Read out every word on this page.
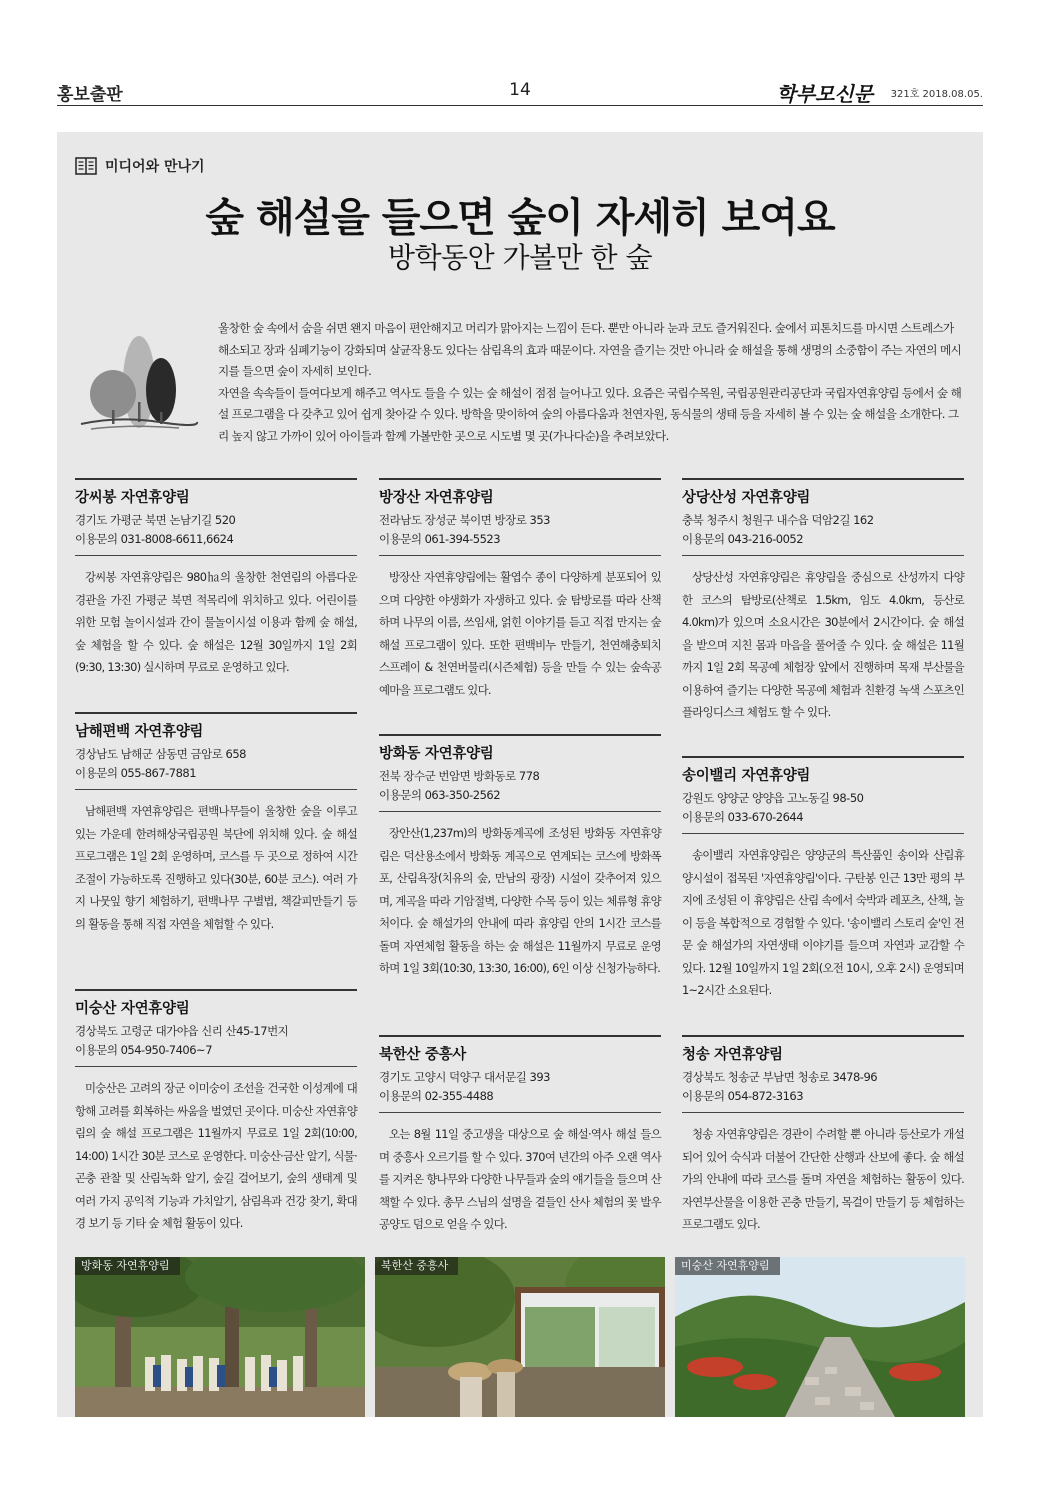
홍보출판	14	학부모신문 321호 2018.08.05.
미디어와 만나기
숲 해설을 들으면 숲이 자세히 보여요
방학동안 가볼만 한 숲

울창한 숲 속에서 숨을 쉬면 왠지 마음이 편안해지고 머리가 맑아지는 느낌이 든다. 뿐만 아니라 눈과 코도 즐거워진다. 숲에서 피톤치드를 마시면 스트레스가 해소되고 장과 심폐기능이 강화되며 살균작용도 있다는 삼림욕의 효과 때문이다. 자연을 즐기는 것만 아니라 숲 해설을 통해 생명의 소중함이 주는 자연의 메시지를 들으면 숲이 자세히 보인다.

자연을 속속들이 들여다보게 해주고 역사도 들을 수 있는 숲 해설이 점점 늘어나고 있다. 요즘은 국립수목원, 국립공원관리공단과 국립자연휴양림 등에서 숲 해설 프로그램을 다 갖추고 있어 쉽게 찾아갈 수 있다. 방학을 맞이하여 숲의 아름다움과 천연자원, 동식물의 생태 등을 자세히 볼 수 있는 숲 해설을 소개한다. 그리 높지 않고 가까이 있어 아이들과 함께 가볼만한 곳으로 시도별 몇 곳(가나다순)을 추려보았다.

강씨봉 자연휴양림
경기도 가평군 북면 논남기길 520
이용문의 031-8008-6611,6624
강씨봉 자연휴양림은 980㏊의 울창한 천연림의 아름다운 경관을 가진 가평군 북면 적목리에 위치하고 있다. 어린이를 위한 모험 놀이시설과 간이 물놀이시설 이용과 함께 숲 해설, 숲 체험을 할 수 있다. 숲 해설은 12월 30일까지 1일 2회(9:30, 13:30) 실시하며 무료로 운영하고 있다.
남해편백 자연휴양림
경상남도 남해군 삼동면 금암로 658
이용문의 055-867-7881
남해편백 자연휴양림은 편백나무들이 울창한 숲을 이루고 있는 가운데 한려해상국립공원 북단에 위치해 있다. 숲 해설 프로그램은 1일 2회 운영하며, 코스를 두 곳으로 정하여 시간 조절이 가능하도록 진행하고 있다(30분, 60분 코스). 여러 가지 나뭇잎 향기 체험하기, 편백나무 구별법, 책갈피만들기 등의 활동을 통해 직접 자연을 체험할 수 있다.
미숭산 자연휴양림
경상북도 고령군 대가야읍 신리 산45-17번지
이용문의 054-950-7406~7
미숭산은 고려의 장군 이미숭이 조선을 건국한 이성계에 대항해 고려를 회복하는 싸움을 벌였던 곳이다. 미숭산 자연휴양림의 숲 해설 프로그램은 11월까지 무료로 1일 2회(10:00, 14:00) 1시간 30분 코스로 운영한다. 미숭산·금산 알기, 식물·곤충 관찰 및 산림녹화 알기, 숲길 걸어보기, 숲의 생태계 및 여러 가지 공익적 기능과 가치알기, 삼림욕과 건강 찾기, 확대경 보기 등 기타 숲 체험 활동이 있다.
방장산 자연휴양림
전라남도 장성군 북이면 방장로 353
이용문의 061-394-5523
방장산 자연휴양림에는 활엽수 종이 다양하게 분포되어 있으며 다양한 야생화가 자생하고 있다. 숲 탐방로를 따라 산책하며 나무의 이름, 쓰임새, 얽힌 이야기를 듣고 직접 만지는 숲 해설 프로그램이 있다. 또한 편백비누 만들기, 천연해충퇴치 스프레이 & 천연버물리(시즌체험) 등을 만들 수 있는 숲속공예마을 프로그램도 있다.
방화동 자연휴양림
전북 장수군 번암면 방화동로 778
이용문의 063-350-2562
장안산(1,237m)의 방화동계곡에 조성된 방화동 자연휴양림은 덕산용소에서 방화동 계곡으로 연계되는 코스에 방화폭포, 산림욕장(치유의 숲, 만남의 광장) 시설이 갖추어져 있으며, 계곡을 따라 기암절벽, 다양한 수목 등이 있는 체류형 휴양처이다. 숲 해설가의 안내에 따라 휴양림 안의 1시간 코스를 돌며 자연체험 활동을 하는 숲 해설은 11월까지 무료로 운영하며 1일 3회(10:30, 13:30, 16:00), 6인 이상 신청가능하다.
북한산 중흥사
경기도 고양시 덕양구 대서문길 393
이용문의 02-355-4488
오는 8월 11일 중고생을 대상으로 숲 해설·역사 해설 들으며 중흥사 오르기를 할 수 있다. 370여 년간의 아주 오랜 역사를 지켜온 향나무와 다양한 나무들과 숲의 얘기들을 들으며 산책할 수 있다. 총무 스님의 설명을 곁들인 산사 체험의 꽃 발우공양도 덤으로 얻을 수 있다.
상당산성 자연휴양림
충북 청주시 청원구 내수읍 덕암2길 162
이용문의 043-216-0052
상당산성 자연휴양림은 휴양림을 중심으로 산성까지 다양한 코스의 탐방로(산책로 1.5km, 임도 4.0km, 등산로 4.0km)가 있으며 소요시간은 30분에서 2시간이다. 숲 해설을 받으며 지친 몸과 마음을 풀어줄 수 있다. 숲 해설은 11월까지 1일 2회 목공예 체험장 앞에서 진행하며 목재 부산물을 이용하여 즐기는 다양한 목공예 체험과 친환경 녹색 스포츠인 플라잉디스크 체험도 할 수 있다.
송이밸리 자연휴양림
강원도 양양군 양양읍 고노동길 98-50
이용문의 033-670-2644
송이밸리 자연휴양림은 양양군의 특산품인 송이와 산림휴양시설이 접목된 '자연휴양림'이다. 구탄봉 인근 13만 평의 부지에 조성된 이 휴양림은 산림 속에서 숙박과 레포츠, 산책, 놀이 등을 복합적으로 경험할 수 있다. '송이밸리 스토리 숲'인 전문 숲 해설가의 자연생태 이야기를 들으며 자연과 교감할 수 있다. 12월 10일까지 1일 2회(오전 10시, 오후 2시) 운영되며 1~2시간 소요된다.
청송 자연휴양림
경상북도 청송군 부남면 청송로 3478-96
이용문의 054-872-3163
청송 자연휴양림은 경관이 수려할 뿐 아니라 등산로가 개설되어 있어 숙식과 더불어 간단한 산행과 산보에 좋다. 숲 해설가의 안내에 따라 코스를 돌며 자연을 체험하는 활동이 있다. 자연부산물을 이용한 곤충 만들기, 목걸이 만들기 등 체험하는 프로그램도 있다.
방화동 자연휴양림	북한산 중흥사	미숭산 자연휴양림
